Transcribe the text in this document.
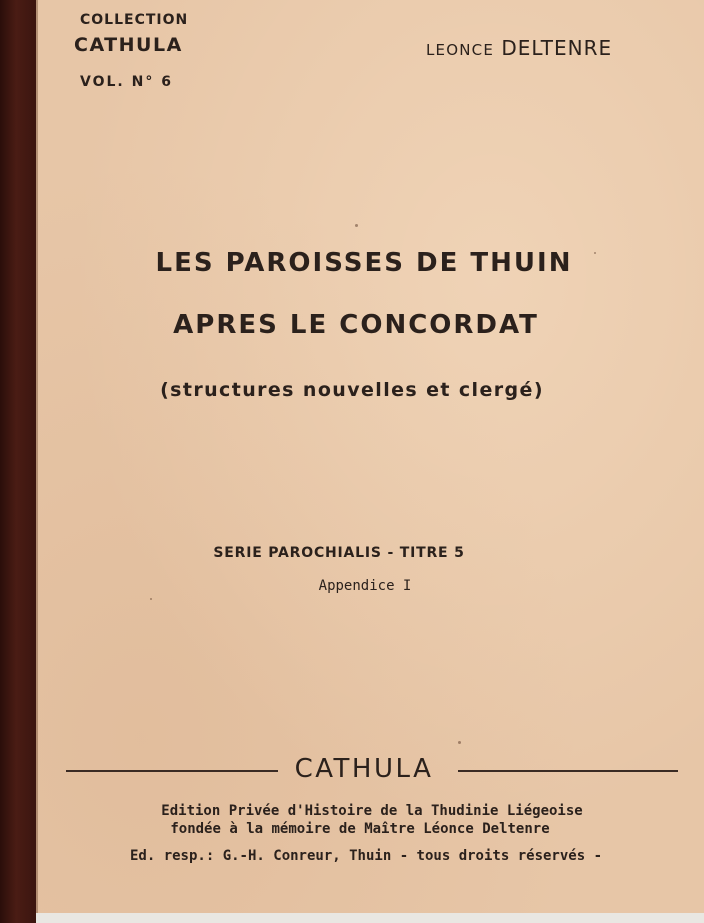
COLLECTION
CATHULA
VOL. N° 6
LEONCE DELTENRE
LES PAROISSES DE THUIN
APRES LE CONCORDAT
(structures nouvelles et clergé)
SERIE PAROCHIALIS - TITRE 5
Appendice I
CATHULA
Edition Privée d'Histoire de la Thudinie Liégeoise
fondée à la mémoire de Maître Léonce Deltenre
Ed. resp.: G.-H. Conreur, Thuin - tous droits réservés -
